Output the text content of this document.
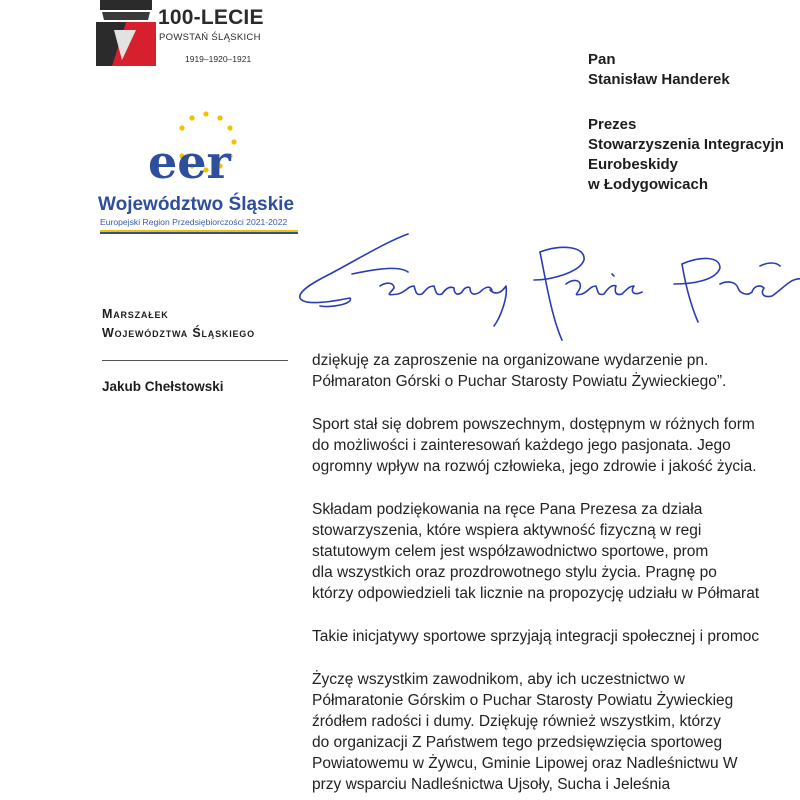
100-LECIE
POWSTAŃ ŚLĄSKICH
1919–1920–1921
eer
Województwo Śląskie
Europejski Region Przedsiębiorczości 2021-2022
Pan
Stanisław Handerek
Prezes
Stowarzyszenia Integracyjn
Eurobeskidy
w Łodygowicach
Marszałek
Województwa Śląskiego
Jakub Chełstowski
dziękuję za zaproszenie na organizowane wydarzenie pn.
Półmaraton Górski o Puchar Starosty Powiatu Żywieckiego”.
Sport stał się dobrem powszechnym, dostępnym w różnych form
do możliwości i zainteresowań każdego jego pasjonata. Jego
ogromny wpływ na rozwój człowieka, jego zdrowie i jakość życia.
Składam podziękowania na ręce Pana Prezesa za działa
stowarzyszenia, które wspiera aktywność fizyczną w regi
statutowym celem jest współzawodnictwo sportowe, prom
dla wszystkich oraz prozdrowotnego stylu życia. Pragnę po
którzy odpowiedzieli tak licznie na propozycję udziału w Półmarat
Takie inicjatywy sportowe sprzyjają integracji społecznej i promoc
Życzę wszystkim zawodnikom, aby ich uczestnictwo w
Półmaratonie Górskim o Puchar Starosty Powiatu Żywieckieg
źródłem radości i dumy. Dziękuję również wszystkim, którzy
do organizacji Z Państwem tego przedsięwzięcia sportoweg
Powiatowemu w Żywcu, Gminie Lipowej oraz Nadleśnictwu W
przy wsparciu Nadleśnictwa Ujsoły, Sucha i Jeleśnia
